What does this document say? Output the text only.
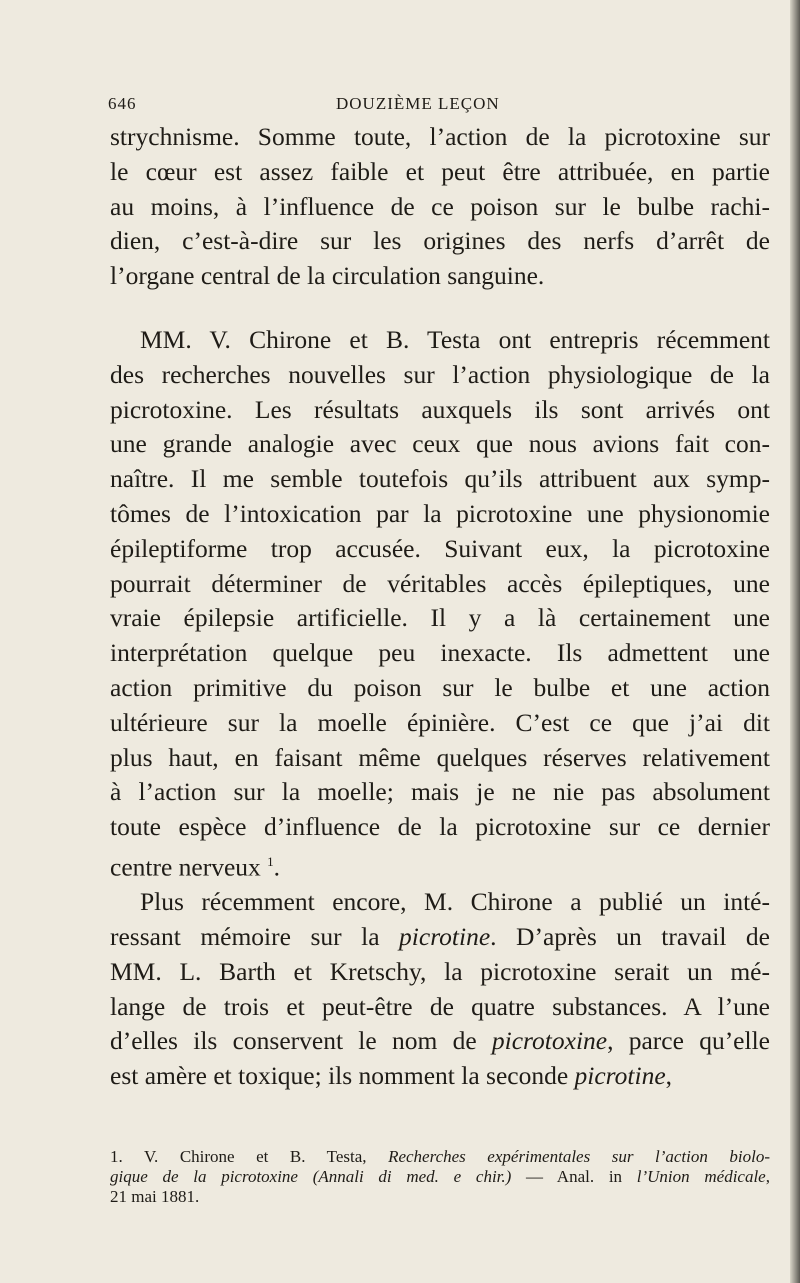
646	DOUZIÈME LEÇON

strychnisme. Somme toute, l’action de la picrotoxine sur
le cœur est assez faible et peut être attribuée, en partie
au moins, à l’influence de ce poison sur le bulbe rachi-
dien, c’est-à-dire sur les origines des nerfs d’arrêt de
l’organe central de la circulation sanguine.

MM. V. Chirone et B. Testa ont entrepris récemment
des recherches nouvelles sur l’action physiologique de la
picrotoxine. Les résultats auxquels ils sont arrivés ont
une grande analogie avec ceux que nous avions fait con-
naître. Il me semble toutefois qu’ils attribuent aux symp-
tômes de l’intoxication par la picrotoxine une physionomie
épileptiforme trop accusée. Suivant eux, la picrotoxine
pourrait déterminer de véritables accès épileptiques, une
vraie épilepsie artificielle. Il y a là certainement une
interprétation quelque peu inexacte. Ils admettent une
action primitive du poison sur le bulbe et une action
ultérieure sur la moelle épinière. C’est ce que j’ai dit
plus haut, en faisant même quelques réserves relativement
à l’action sur la moelle; mais je ne nie pas absolument
toute espèce d’influence de la picrotoxine sur ce dernier
centre nerveux $^1$.

Plus récemment encore, M. Chirone a publié un inté-
ressant mémoire sur la picrotine. D’après un travail de
MM. L. Barth et Kretschy, la picrotoxine serait un mé-
lange de trois et peut-être de quatre substances. A l’une
d’elles ils conservent le nom de picrotoxine, parce qu’elle
est amère et toxique; ils nomment la seconde picrotine,

1. V. Chirone et B. Testa, Recherches expérimentales sur l’action biolo-
gique de la picrotoxine (Annali di med. e chir.) — Anal. in l’Union médicale,
21 mai 1881.
